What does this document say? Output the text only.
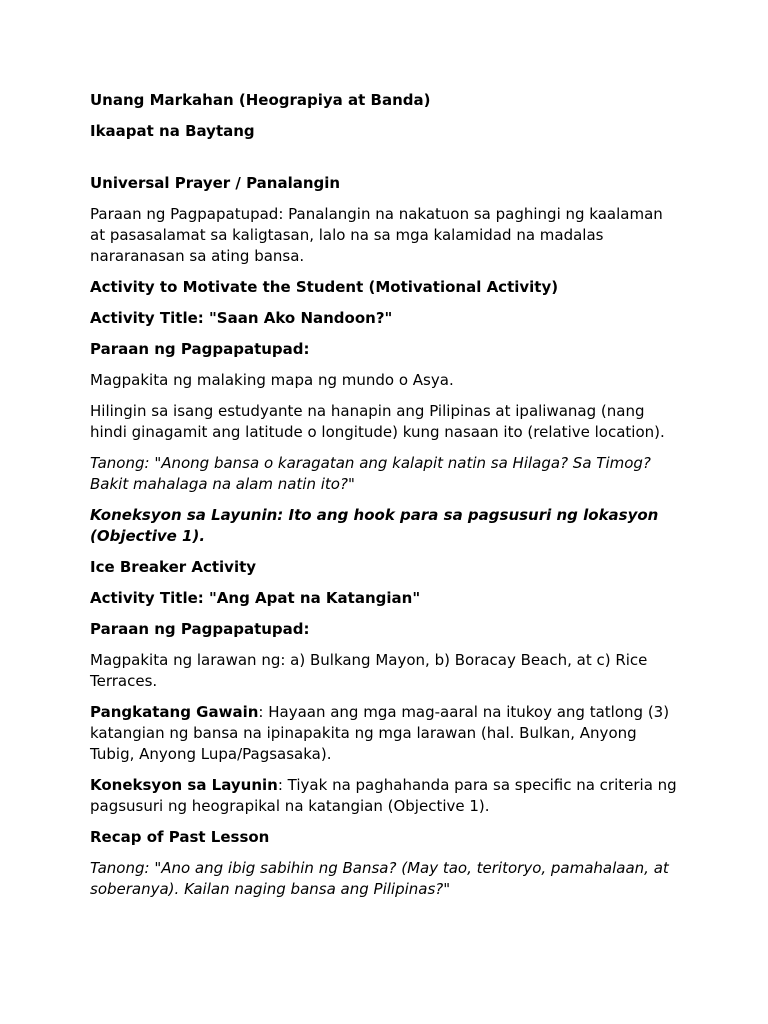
Unang Markahan (Heograpiya at Banda)

Ikaapat na Baytang

Universal Prayer / Panalangin

Paraan ng Pagpapatupad: Panalangin na nakatuon sa paghingi ng kaalaman at pasasalamat sa kaligtasan, lalo na sa mga kalamidad na madalas nararanasan sa ating bansa.

Activity to Motivate the Student (Motivational Activity)

Activity Title: "Saan Ako Nandoon?"

Paraan ng Pagpapatupad:

Magpakita ng malaking mapa ng mundo o Asya.

Hilingin sa isang estudyante na hanapin ang Pilipinas at ipaliwanag (nang hindi ginagamit ang latitude o longitude) kung nasaan ito (relative location).

Tanong: "Anong bansa o karagatan ang kalapit natin sa Hilaga? Sa Timog? Bakit mahalaga na alam natin ito?"

Koneksyon sa Layunin: Ito ang hook para sa pagsusuri ng lokasyon (Objective 1).

Ice Breaker Activity

Activity Title: "Ang Apat na Katangian"

Paraan ng Pagpapatupad:

Magpakita ng larawan ng: a) Bulkang Mayon, b) Boracay Beach, at c) Rice Terraces.

Pangkatang Gawain: Hayaan ang mga mag-aaral na itukoy ang tatlong (3) katangian ng bansa na ipinapakita ng mga larawan (hal. Bulkan, Anyong Tubig, Anyong Lupa/Pagsasaka).

Koneksyon sa Layunin: Tiyak na paghahanda para sa specific na criteria ng pagsusuri ng heograpikal na katangian (Objective 1).

Recap of Past Lesson

Tanong: "Ano ang ibig sabihin ng Bansa? (May tao, teritoryo, pamahalaan, at soberanya). Kailan naging bansa ang Pilipinas?"
